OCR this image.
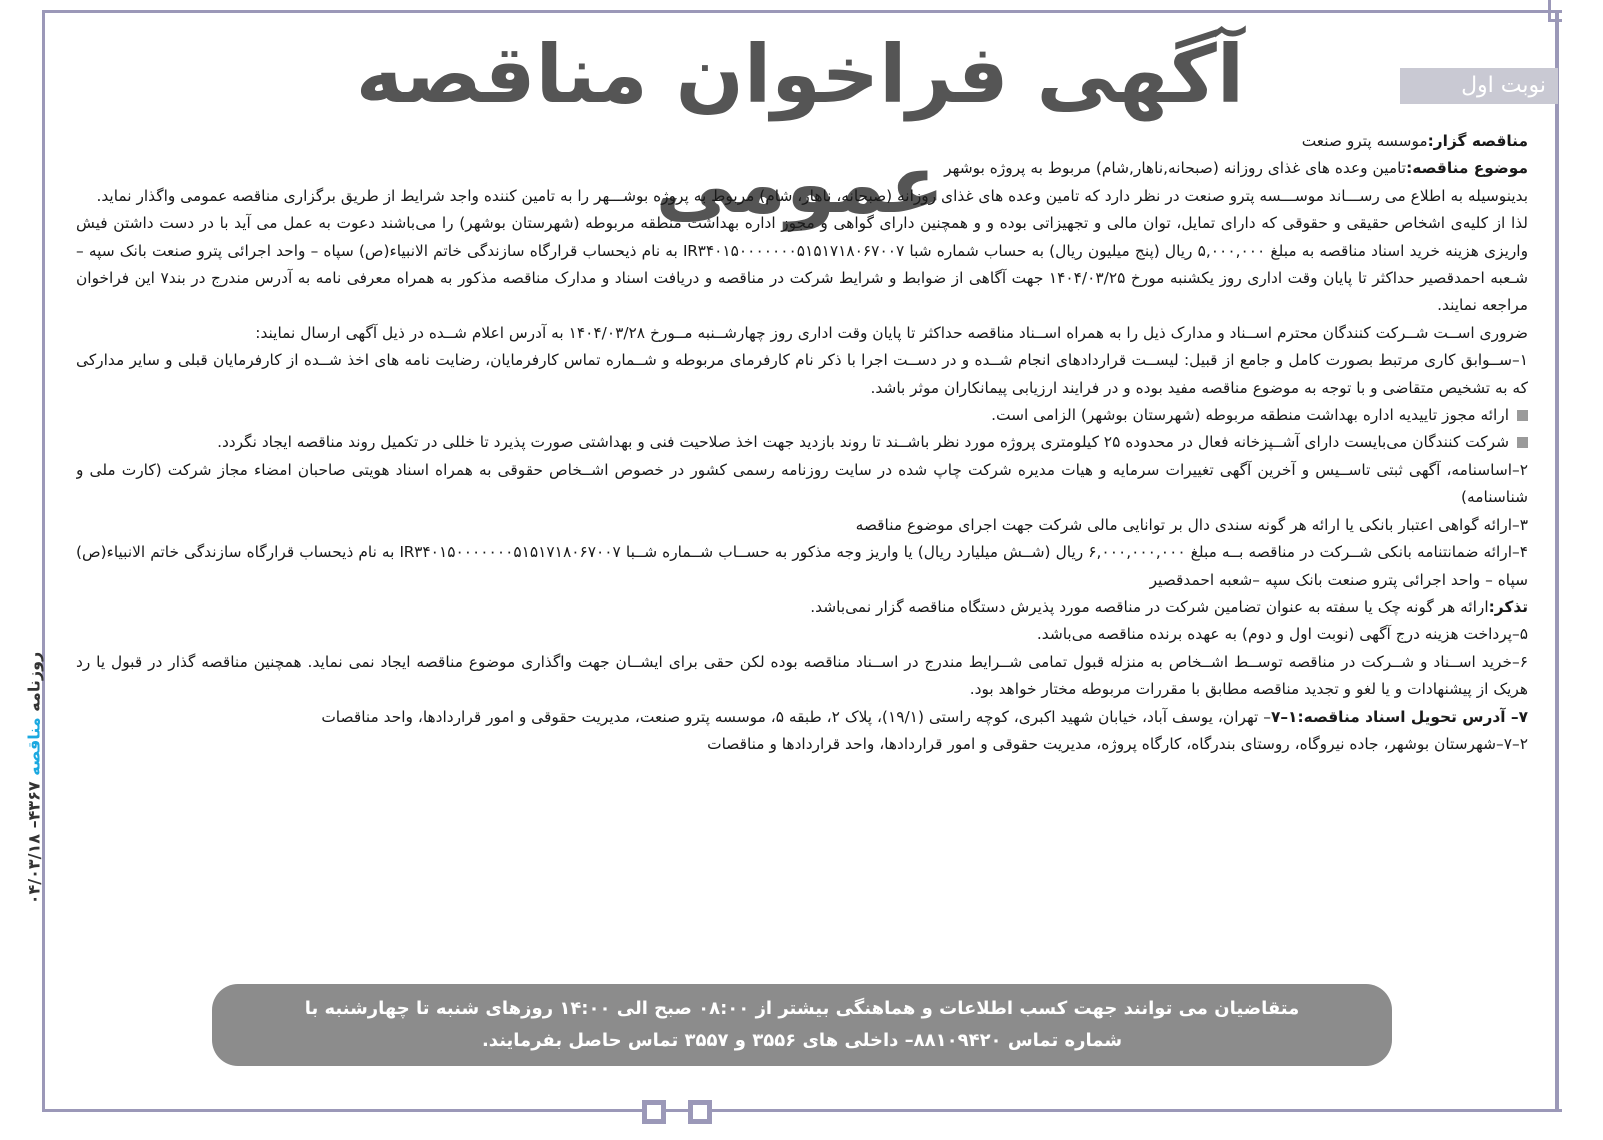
آگهی فراخوان مناقصه عمومی
نوبت اول

مناقصه گزار:موسسه پترو صنعت

موضوع مناقصه:تامین وعده های غذای روزانه (صبحانه,ناهار,شام) مربوط به پروژه بوشهر

بدینوسیله به اطلاع می رســـاند موســـسه پترو صنعت در نظر دارد که تامین وعده های غذای روزانه (صبحانه، ناهار، شام) مربوط به پروژه بوشـــهر را به تامین کننده واجد شرایط از طریق برگزاری مناقصه عمومی واگذار نماید.

لذا از کلیه‌ی اشخاص حقیقی و حقوقی که دارای تمایل، توان مالی و تجهیزاتی بوده و و همچنین دارای گواهی و مجوز اداره بهداشت منطقه مربوطه (شهرستان بوشهر) را می‌باشند دعوت به عمل می آید با در دست داشتن فیش واریزی هزینه خرید اسناد مناقصه به مبلغ ۵,۰۰۰,۰۰۰ ریال (پنج میلیون ریال) به حساب شماره شبا IR۳۴۰۱۵۰۰۰۰۰۰۰۵۱۵۱۷۱۸۰۶۷۰۰۷ به نام ذیحساب قرارگاه سازندگی خاتم الانبیاء(ص) سپاه – واحد اجرائی پترو صنعت بانک سپه –شـعبه احمدقصیر حداکثر تا پایان وقت اداری روز یکشنبه مورخ ۱۴۰۴/۰۳/۲۵ جهت آگاهی از ضوابط و شرایط شرکت در مناقصه و دریافت اسناد و مدارک مناقصه مذکور به همراه معرفی نامه به آدرس مندرج در بند۷ این فراخوان مراجعه نمایند.

ضروری اســت شــرکت کنندگان محترم اســناد و مدارک ذیل را به همراه اســناد مناقصه حداکثر تا پایان وقت اداری روز چهارشــنبه مــورخ ۱۴۰۴/۰۳/۲۸ به آدرس اعلام شــده در ذیل آگهی ارسال نمایند:

۱–ســوابق کاری مرتبط بصورت کامل و جامع از قبیل: لیســت قراردادهای انجام شــده و در دســت اجرا با ذکر نام کارفرمای مربوطه و شــماره تماس کارفرمایان، رضایت نامه های اخذ شــده از کارفرمایان قبلی و سایر مدارکی که به تشخیص متقاضی و با توجه به موضوع مناقصه مفید بوده و در فرایند ارزیابی پیمانکاران موثر باشد.

ارائه مجوز تاییدیه اداره بهداشت منطقه مربوطه (شهرستان بوشهر) الزامی است.

شرکت کنندگان می‌بایست دارای آشــپزخانه فعال در محدوده ۲۵ کیلومتری پروژه مورد نظر باشــند تا روند بازدید جهت اخذ صلاحیت فنی و بهداشتی صورت پذیرد تا خللی در تکمیل روند مناقصه ایجاد نگردد.

۲–اساسنامه، آگهی ثبتی تاســیس و آخرین آگهی تغییرات سرمایه و هیات مدیره شرکت چاپ شده در سایت روزنامه رسمی کشور در خصوص اشــخاص حقوقی به همراه اسناد هویتی صاحبان امضاء مجاز شرکت (کارت ملی و شناسنامه)

۳–ارائه گواهی اعتبار بانکی یا ارائه هر گونه سندی دال بر توانایی مالی شرکت جهت اجرای موضوع مناقصه

۴–ارائه ضمانتنامه بانکی شــرکت در مناقصه بــه مبلغ ۶,۰۰۰,۰۰۰,۰۰۰ ریال (شــش میلیارد ریال) یا واریز وجه مذکور به حســاب شــماره شــبا IR۳۴۰۱۵۰۰۰۰۰۰۰۵۱۵۱۷۱۸۰۶۷۰۰۷ به نام ذیحساب قرارگاه سازندگی خاتم الانبیاء(ص) سپاه – واحد اجرائی پترو صنعت بانک سپه –شعبه احمدقصیر

تذکر:ارائه هر گونه چک یا سفته به عنوان تضامین شرکت در مناقصه مورد پذیرش دستگاه مناقصه گزار نمی‌باشد.

۵–پرداخت هزینه درج آگهی (نوبت اول و دوم) به عهده برنده مناقصه می‌باشد.

۶–خرید اســناد و شــرکت در مناقصه توســط اشــخاص به منزله قبول تمامی شــرایط مندرج در اســناد مناقصه بوده لکن حقی برای ایشــان جهت واگذاری موضوع مناقصه ایجاد نمی نماید. همچنین مناقصه گذار در قبول یا رد هریک از پیشنهادات و یا لغو و تجدید مناقصه مطابق با مقررات مربوطه مختار خواهد بود.

۷– آدرس تحویل اسناد مناقصه:۱–۷– تهران، یوسف آباد، خیابان شهید اکبری، کوچه راستی (۱۹/۱)، پلاک ۲، طبقه ۵، موسسه پترو صنعت، مدیریت حقوقی و امور قراردادها، واحد مناقصات

۲–۷–شهرستان بوشهر، جاده نیروگاه، روستای بندرگاه، کارگاه پروژه، مدیریت حقوقی و امور قراردادها، واحد قراردادها و مناقصات

متقاضیان می توانند جهت کسب اطلاعات و هماهنگی بیشتر از ۰۸:۰۰ صبح الی ۱۴:۰۰ روزهای شنبه تا چهارشنبه با
شماره تماس ۸۸۱۰۹۴۲۰– داخلی های ۳۵۵۶ و ۳۵۵۷ تماس حاصل بفرمایند.
روزنامه مناقصه ۴۳۶۷– ۰۴/۰۳/۱۸
